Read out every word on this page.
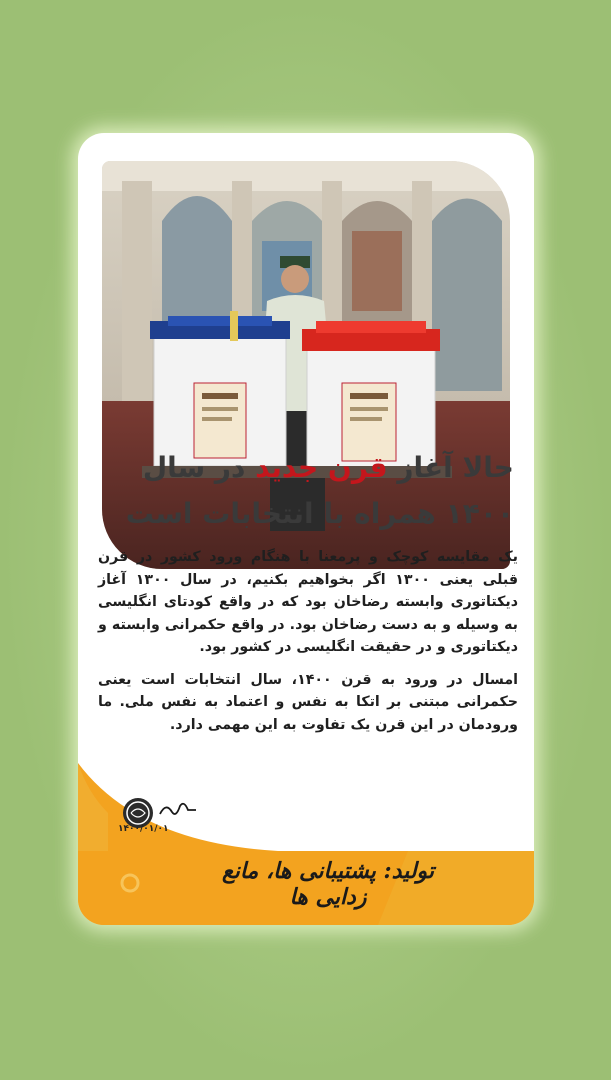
حالا آغاز قرن جدید در سال
۱۴۰۰ همراه با انتخابات است

یک مقایسه کوچک و پرمعنا با هنگام ورود کشور در قرن قبلی یعنی ۱۳۰۰ اگر بخواهیم بکنیم، در سال ۱۳۰۰ آغاز دیکتاتوری وابسته رضاخان بود که در واقع کودتای انگلیسی به وسیله و به دست رضاخان بود. در واقع حکمرانی وابسته و دیکتاتوری و در حقیقت انگلیسی در کشور بود.

امسال در ورود به قرن ۱۴۰۰، سال انتخابات است یعنی حکمرانی مبتنی بر اتکا به نفس و اعتماد به نفس ملی. ما ورودمان در این قرن یک تفاوت به این مهمی دارد.

۱۴۰۰/۰۱/۰۱
تولید: پشتیبانی ها، مانع زدایی ها
